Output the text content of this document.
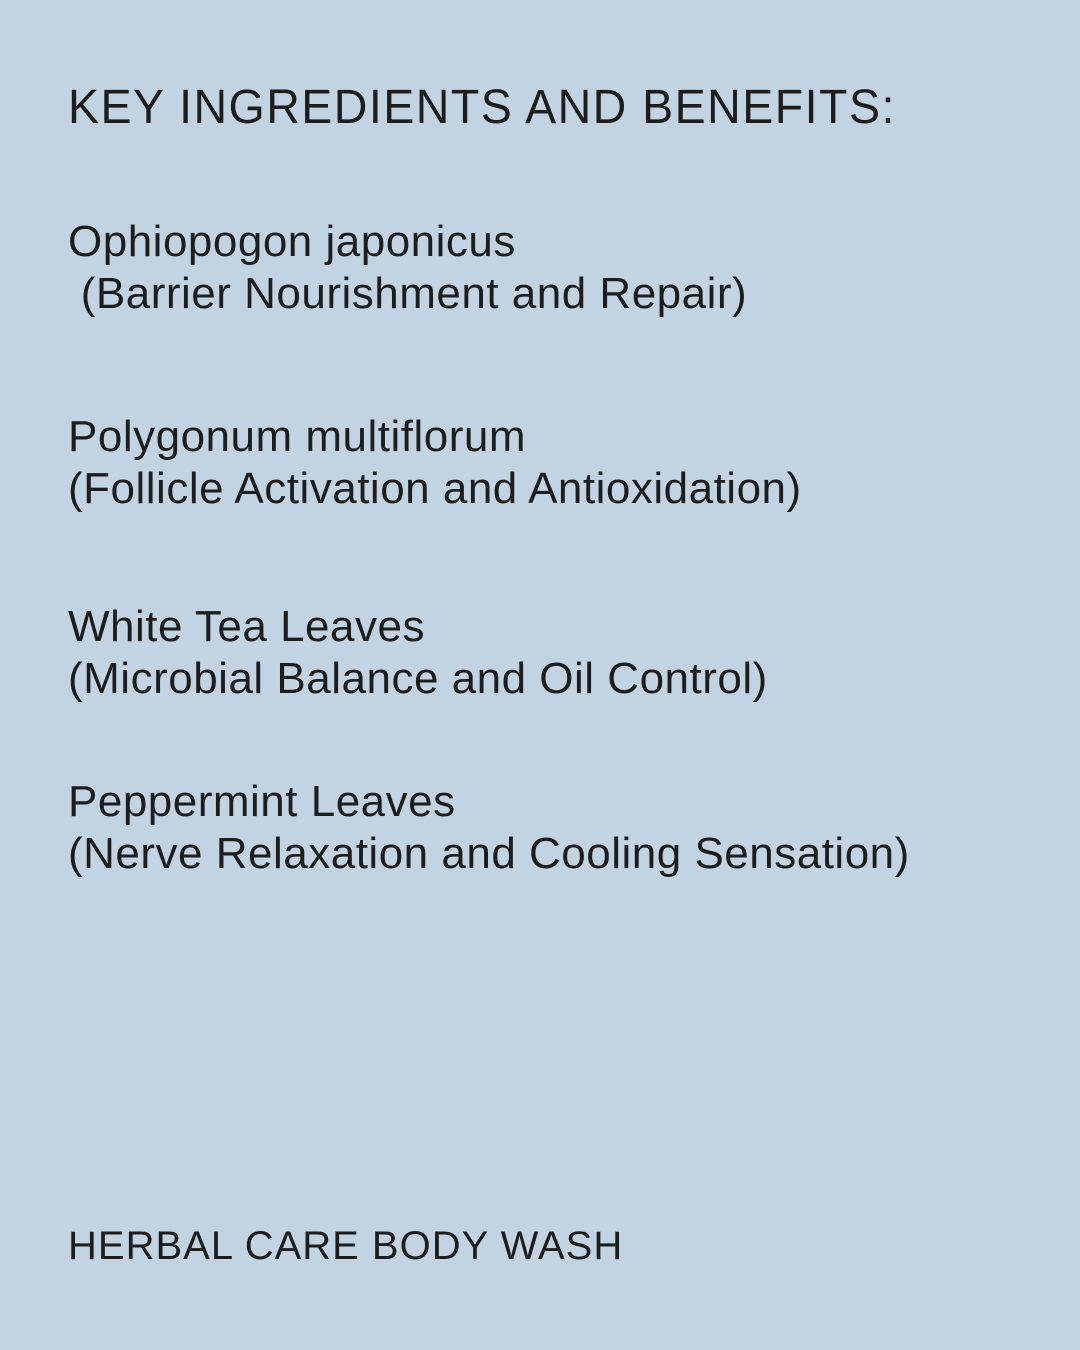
KEY INGREDIENTS AND BENEFITS:
Ophiopogon japonicus
(Barrier Nourishment and Repair)
Polygonum multiflorum
(Follicle Activation and Antioxidation)
White Tea Leaves
(Microbial Balance and Oil Control)
Peppermint Leaves
(Nerve Relaxation and Cooling Sensation)
HERBAL CARE BODY WASH
